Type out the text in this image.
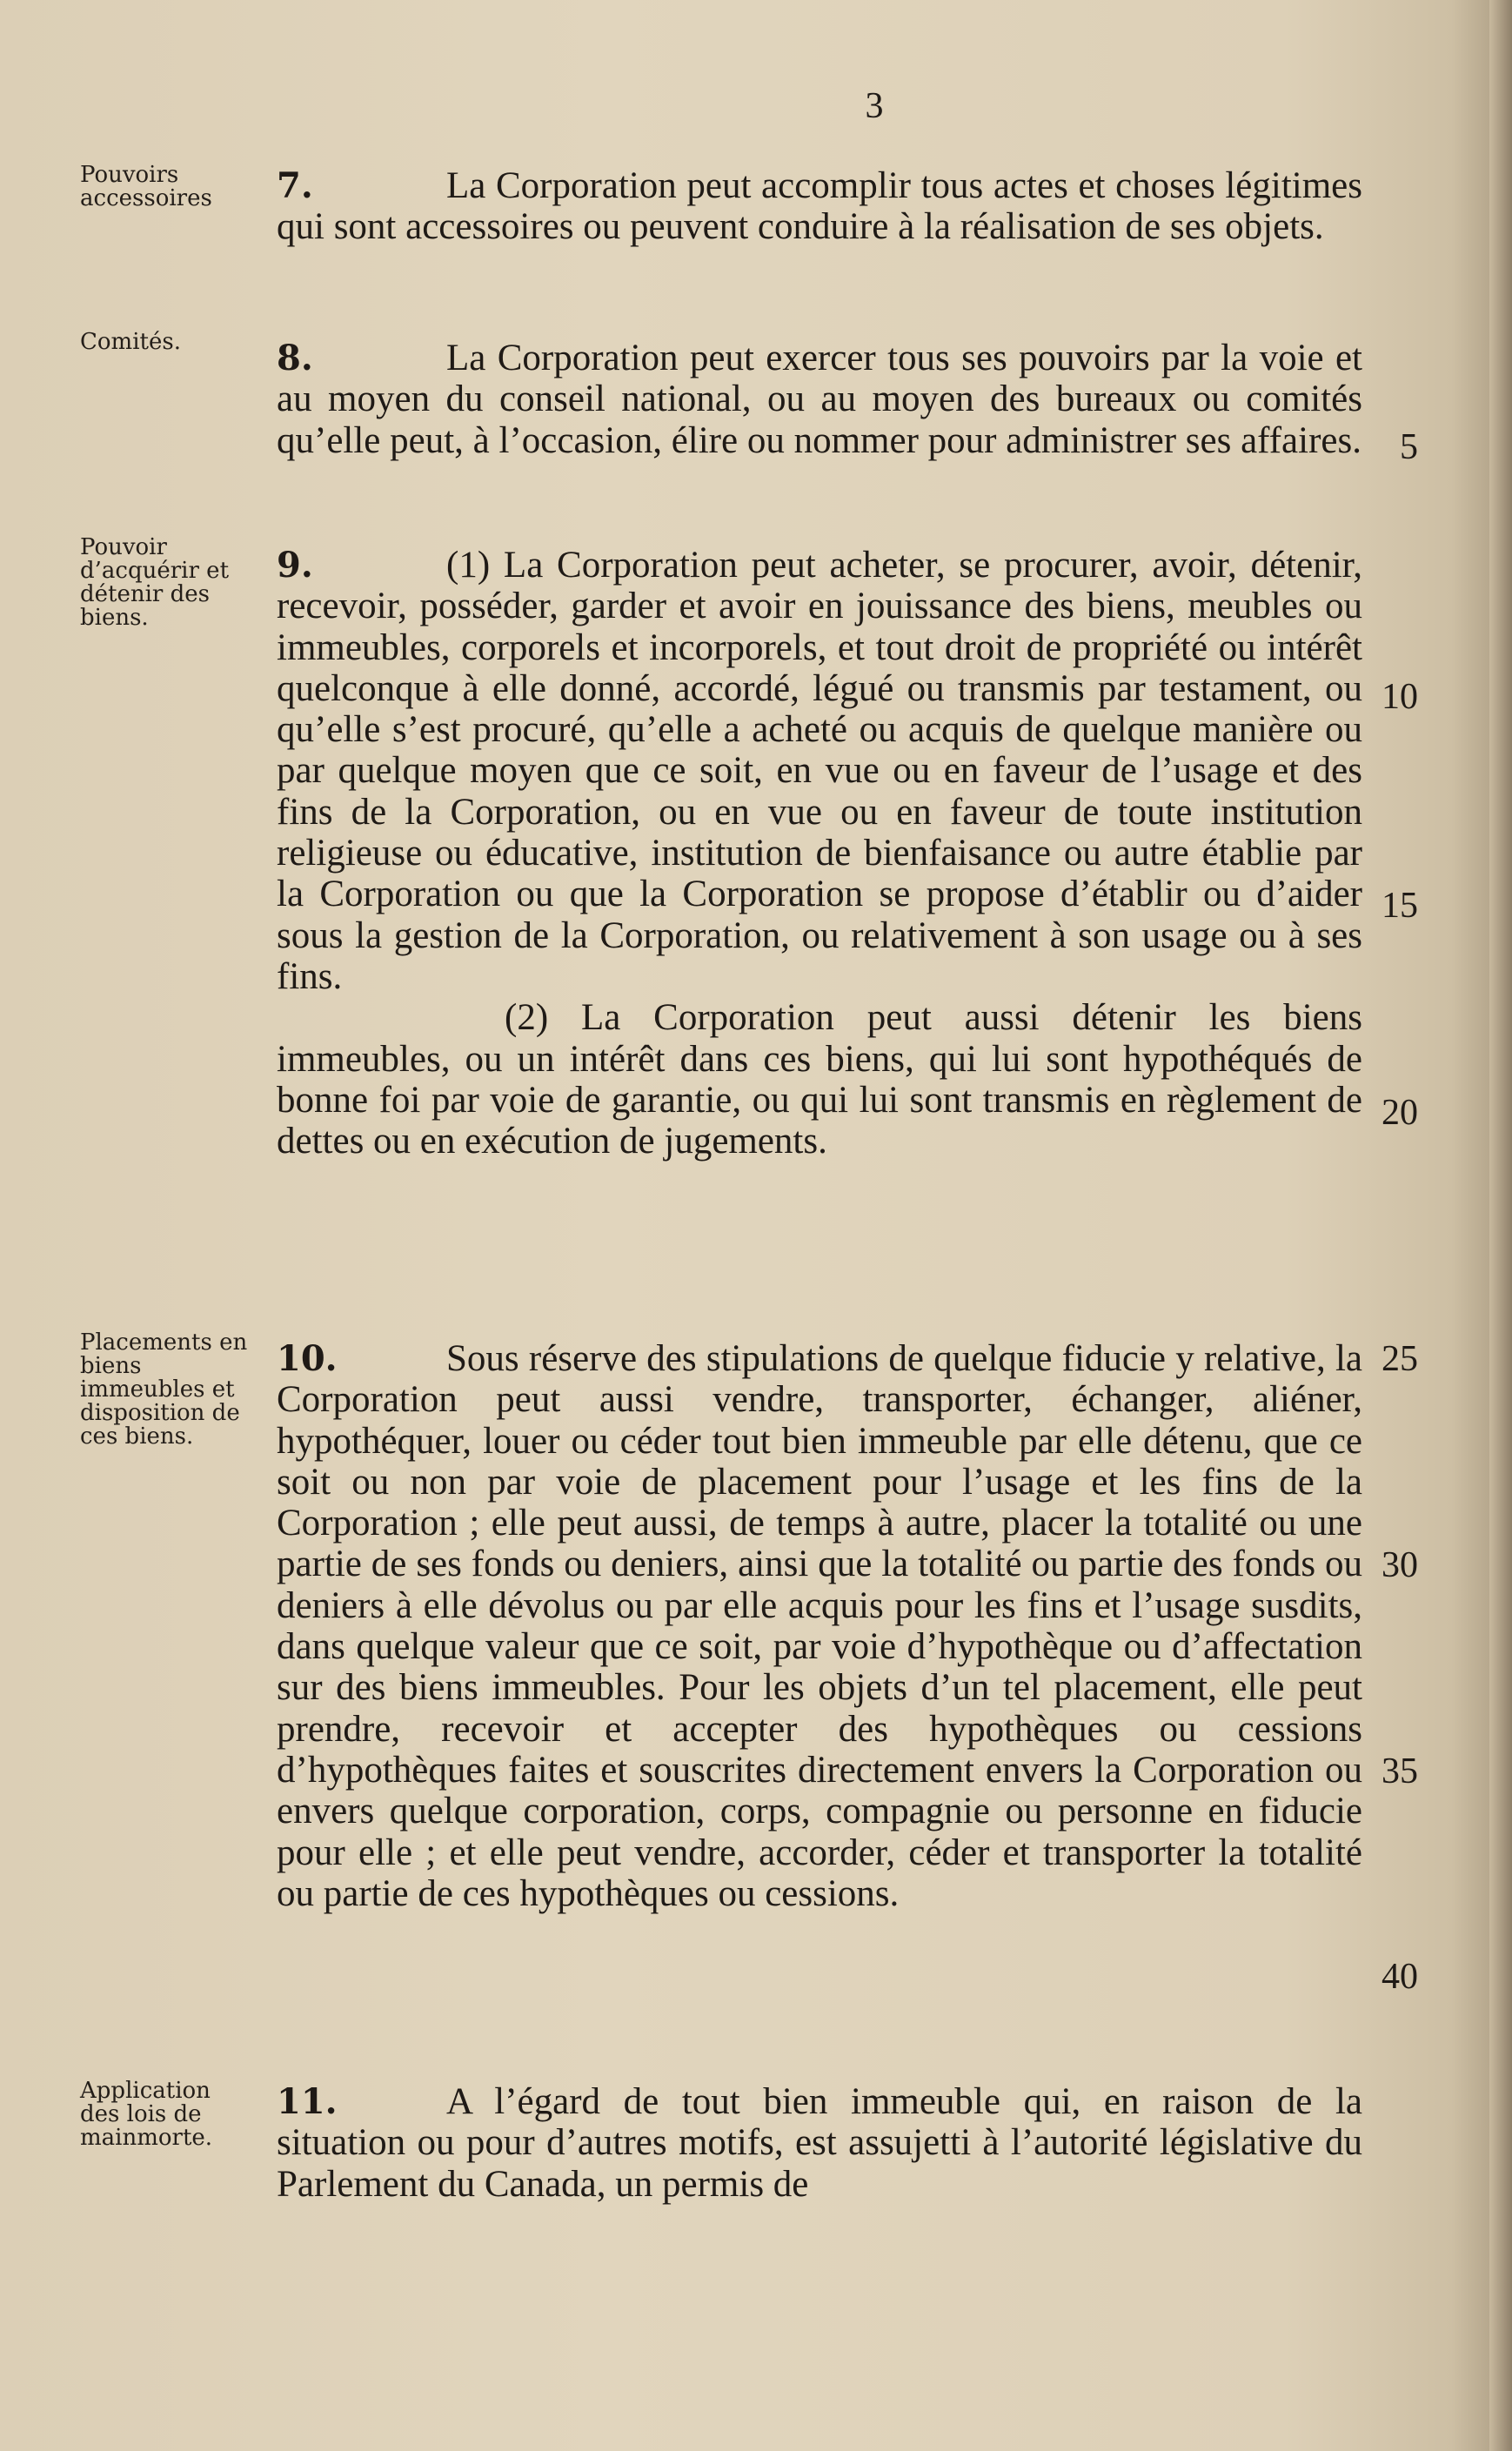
3
Pouvoirs accessoires	7.	La Corporation peut accomplir tous actes et choses légitimes qui sont accessoires ou peuvent conduire à la réalisation de ses objets.

Comités.	8.	La Corporation peut exercer tous ses pouvoirs par la voie et au moyen du conseil national, ou au moyen des bureaux ou comités qu’elle peut, à l’occasion, élire ou nommer pour administrer ses affaires.

Pouvoir d’acquérir et détenir des biens.

9.	(1) La Corporation peut acheter, se procurer, avoir, détenir, recevoir, posséder, garder et avoir en jouissance des biens, meubles ou immeubles, corporels et incorporels, et tout droit de propriété ou intérêt quelconque à elle donné, accordé, légué ou transmis par testament, ou qu’elle s’est procuré, qu’elle a acheté ou acquis de quelque manière ou par quelque moyen que ce soit, en vue ou en faveur de l’usage et des fins de la Corporation, ou en vue ou en faveur de toute institution religieuse ou éducative, institution de bienfaisance ou autre établie par la Corporation ou que la Corporation se propose d’établir ou d’aider sous la gestion de la Corporation, ou relativement à son usage ou à ses fins.

(2) La Corporation peut aussi détenir les biens immeubles, ou un intérêt dans ces biens, qui lui sont hypothéqués de bonne foi par voie de garantie, ou qui lui sont transmis en règlement de dettes ou en exécution de jugements.

Placements en biens immeubles et disposition de ces biens.

10.	Sous réserve des stipulations de quelque fiducie y relative, la Corporation peut aussi vendre, transporter, échanger, aliéner, hypothéquer, louer ou céder tout bien immeuble par elle détenu, que ce soit ou non par voie de placement pour l’usage et les fins de la Corporation ; elle peut aussi, de temps à autre, placer la totalité ou une partie de ses fonds ou deniers, ainsi que la totalité ou partie des fonds ou deniers à elle dévolus ou par elle acquis pour les fins et l’usage susdits, dans quelque valeur que ce soit, par voie d’hypothèque ou d’affectation sur des biens immeubles. Pour les objets d’un tel placement, elle peut prendre, recevoir et accepter des hypothèques ou cessions d’hypothèques faites et souscrites directement envers la Corporation ou envers quelque corporation, corps, compagnie ou personne en fiducie pour elle ; et elle peut vendre, accorder, céder et transporter la totalité ou partie de ces hypothèques ou cessions.

Application des lois de mainmorte.

11.	A l’égard de tout bien immeuble qui, en raison de la situation ou pour d’autres motifs, est assujetti à l’autorité législative du Parlement du Canada, un permis de

5
10
15
20
25
30
35
40
